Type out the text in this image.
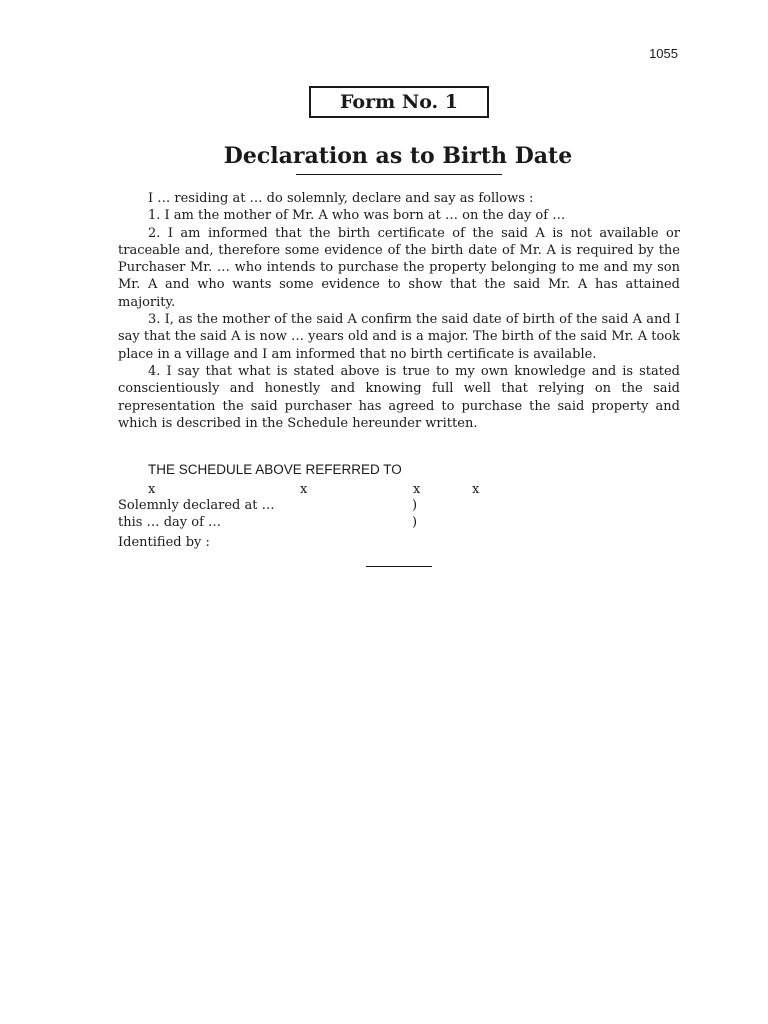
1055
Form No. 1
Declaration as to Birth Date

I … residing at … do solemnly, declare and say as follows :

1. I am the mother of Mr. A who was born at … on the day of …

2. I am informed that the birth certificate of the said A is not available or traceable and, therefore some evidence of the birth date of Mr. A is required by the Purchaser Mr. … who intends to purchase the property belonging to me and my son Mr. A and who wants some evidence to show that the said Mr. A has attained majority.

3. I, as the mother of the said A confirm the said date of birth of the said A and I say that the said A is now … years old and is a major. The birth of the said Mr. A took place in a village and I am informed that no birth certificate is available.

4. I say that what is stated above is true to my own knowledge and is stated conscientiously and honestly and knowing full well that relying on the said representation the said purchaser has agreed to purchase the said property and which is described in the Schedule hereunder written.

THE SCHEDULE ABOVE REFERRED TO
x	x	x	x
Solemnly declared at …	)
this … day of …	)
Identified by :
